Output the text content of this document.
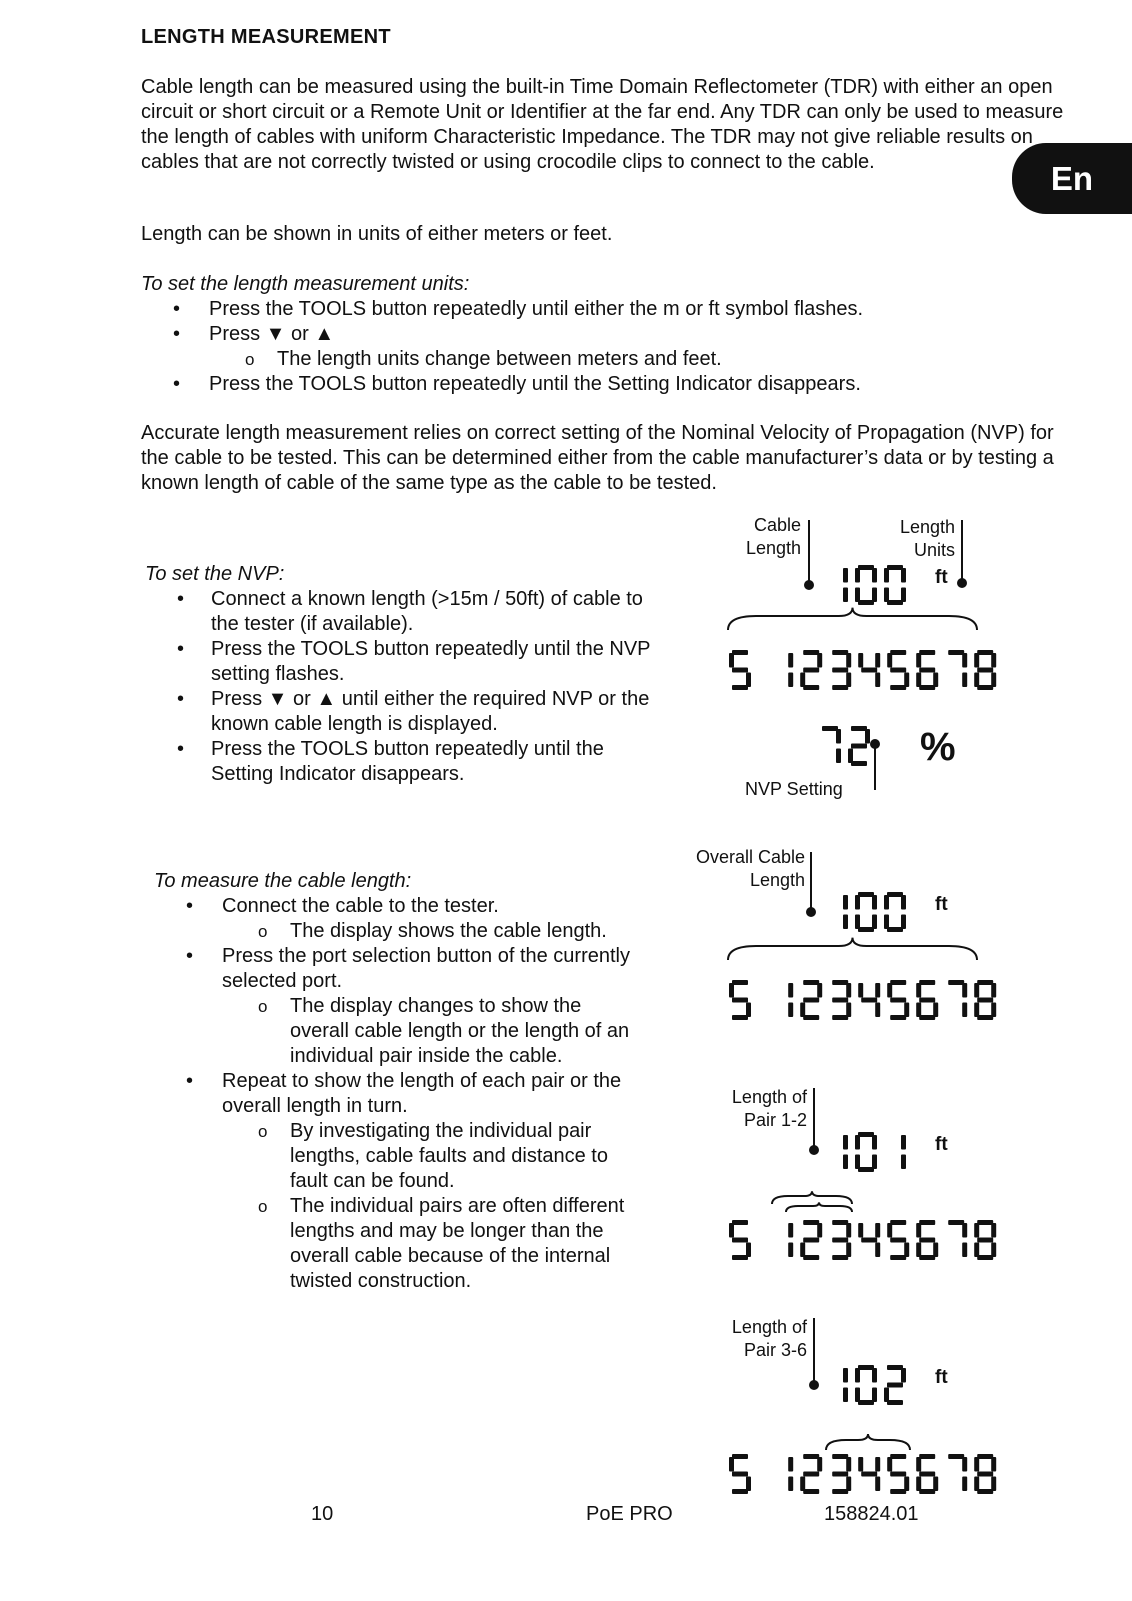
LENGTH MEASUREMENT
En
Cable length can be measured using the built-in Time Domain Reflectometer (TDR) with either an open circuit or short circuit or a Remote Unit or Identifier at the far end. Any TDR can only be used to measure the length of cables with uniform Characteristic Impedance. The TDR may not give reliable results on cables that are not correctly twisted or using crocodile clips to connect to the cable.
Length can be shown in units of either meters or feet.
To set the length measurement units:
• Press the TOOLS button repeatedly until either the m or ft symbol flashes.
• Press ▼ or ▲
o The length units change between meters and feet.
• Press the TOOLS button repeatedly until the Setting Indicator disappears.
Accurate length measurement relies on correct setting of the Nominal Velocity of Propagation (NVP) for the cable to be tested. This can be determined either from the cable manufacturer’s data or by testing a known length of cable of the same type as the cable to be tested.
To set the NVP:
• Connect a known length (>15m / 50ft) of cable to the tester (if available).
• Press the TOOLS button repeatedly until the NVP setting flashes.
• Press ▼ or ▲ until either the required NVP or the known cable length is displayed.
• Press the TOOLS button repeatedly until the Setting Indicator disappears.
To measure the cable length:
• Connect the cable to the tester.
o The display shows the cable length.
• Press the port selection button of the currently selected port.
o The display changes to show the overall cable length or the length of an individual pair inside the cable.
• Repeat to show the length of each pair or the overall length in turn.
o By investigating the individual pair lengths, cable faults and distance to fault can be found.
o The individual pairs are often different lengths and may be longer than the overall cable because of the internal twisted construction.
10	PoE PRO	158824.01
Cable
Length
Length
Units
NVP Setting
Overall Cable
Length
Length of
Pair 1-2
Length of
Pair 3-6
ft
%
ft
ft
ft
